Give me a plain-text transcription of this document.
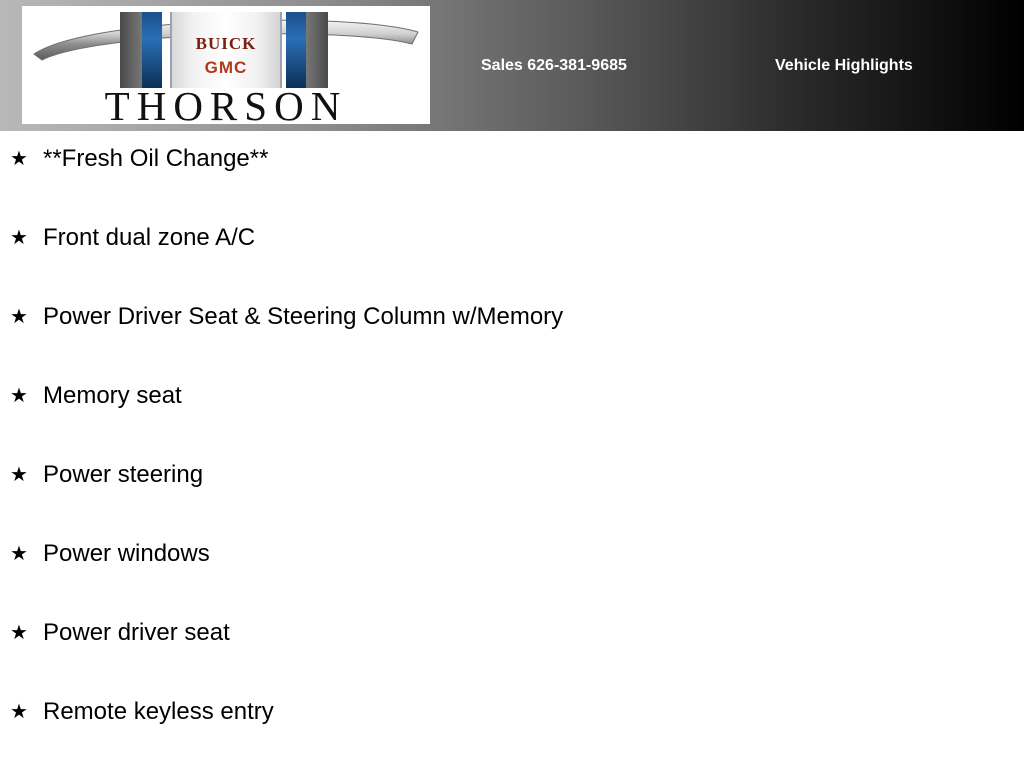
BUICK
GMC
THORSON
Sales 626-381-9685	Vehicle Highlights
★ **Fresh Oil Change**
★ Front dual zone A/C
★ Power Driver Seat & Steering Column w/Memory
★ Memory seat
★ Power steering
★ Power windows
★ Power driver seat
★ Remote keyless entry
